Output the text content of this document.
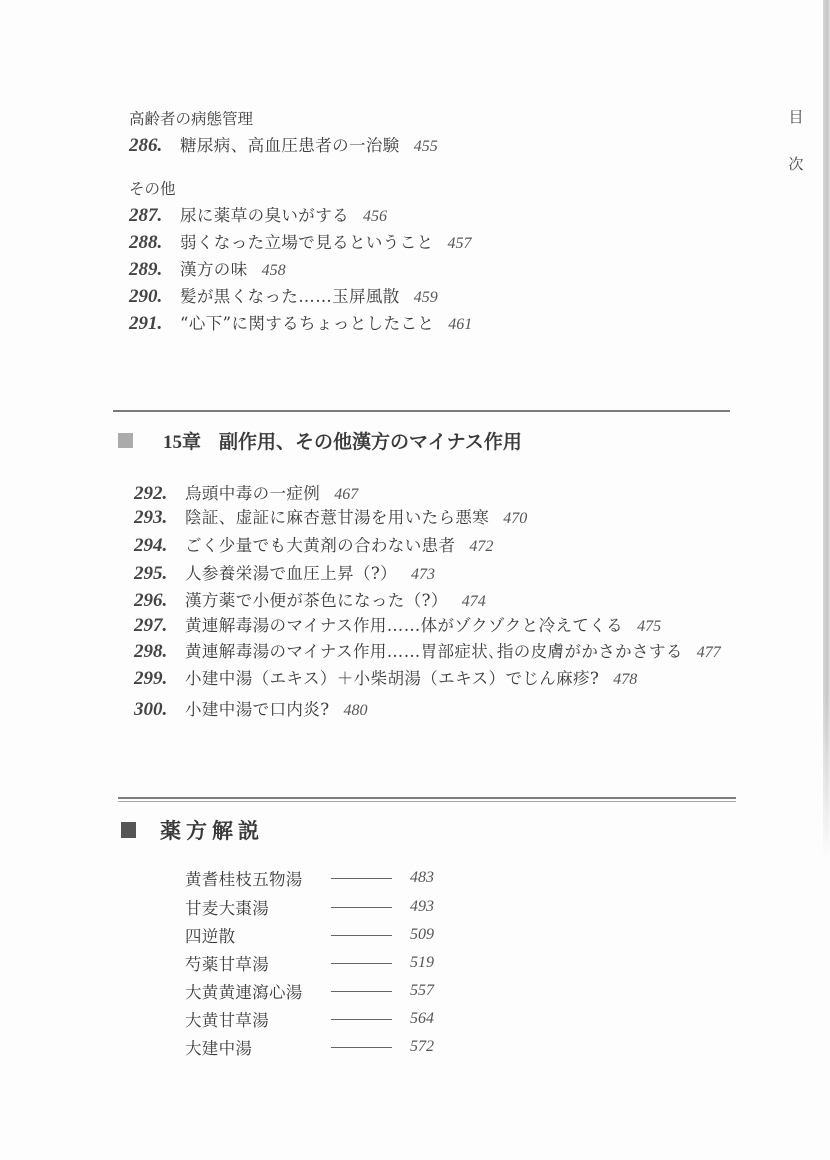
目
次
高齢者の病態管理
286. 糖尿病、高血圧患者の一治験 455
その他
287. 尿に薬草の臭いがする 456
288. 弱くなった立場で見るということ 457
289. 漢方の味 458
290. 髪が黒くなった……玉屏風散 459
291. “心下”に関するちょっとしたこと 461
15章 副作用、その他漢方のマイナス作用
292. 烏頭中毒の一症例 467
293. 陰証、虚証に麻杏薏甘湯を用いたら悪寒 470
294. ごく少量でも大黄剤の合わない患者 472
295. 人参養栄湯で血圧上昇（?） 473
296. 漢方薬で小便が茶色になった（?） 474
297. 黄連解毒湯のマイナス作用……体がゾクゾクと冷えてくる 475
298. 黄連解毒湯のマイナス作用……胃部症状､指の皮膚がかさかさする 477
299. 小建中湯（エキス）＋小柴胡湯（エキス）でじん麻疹? 478
300. 小建中湯で口内炎? 480
薬方解説
黄耆桂枝五物湯	483
甘麦大棗湯	493
四逆散	509
芍薬甘草湯	519
大黄黄連瀉心湯	557
大黄甘草湯	564
大建中湯	572
